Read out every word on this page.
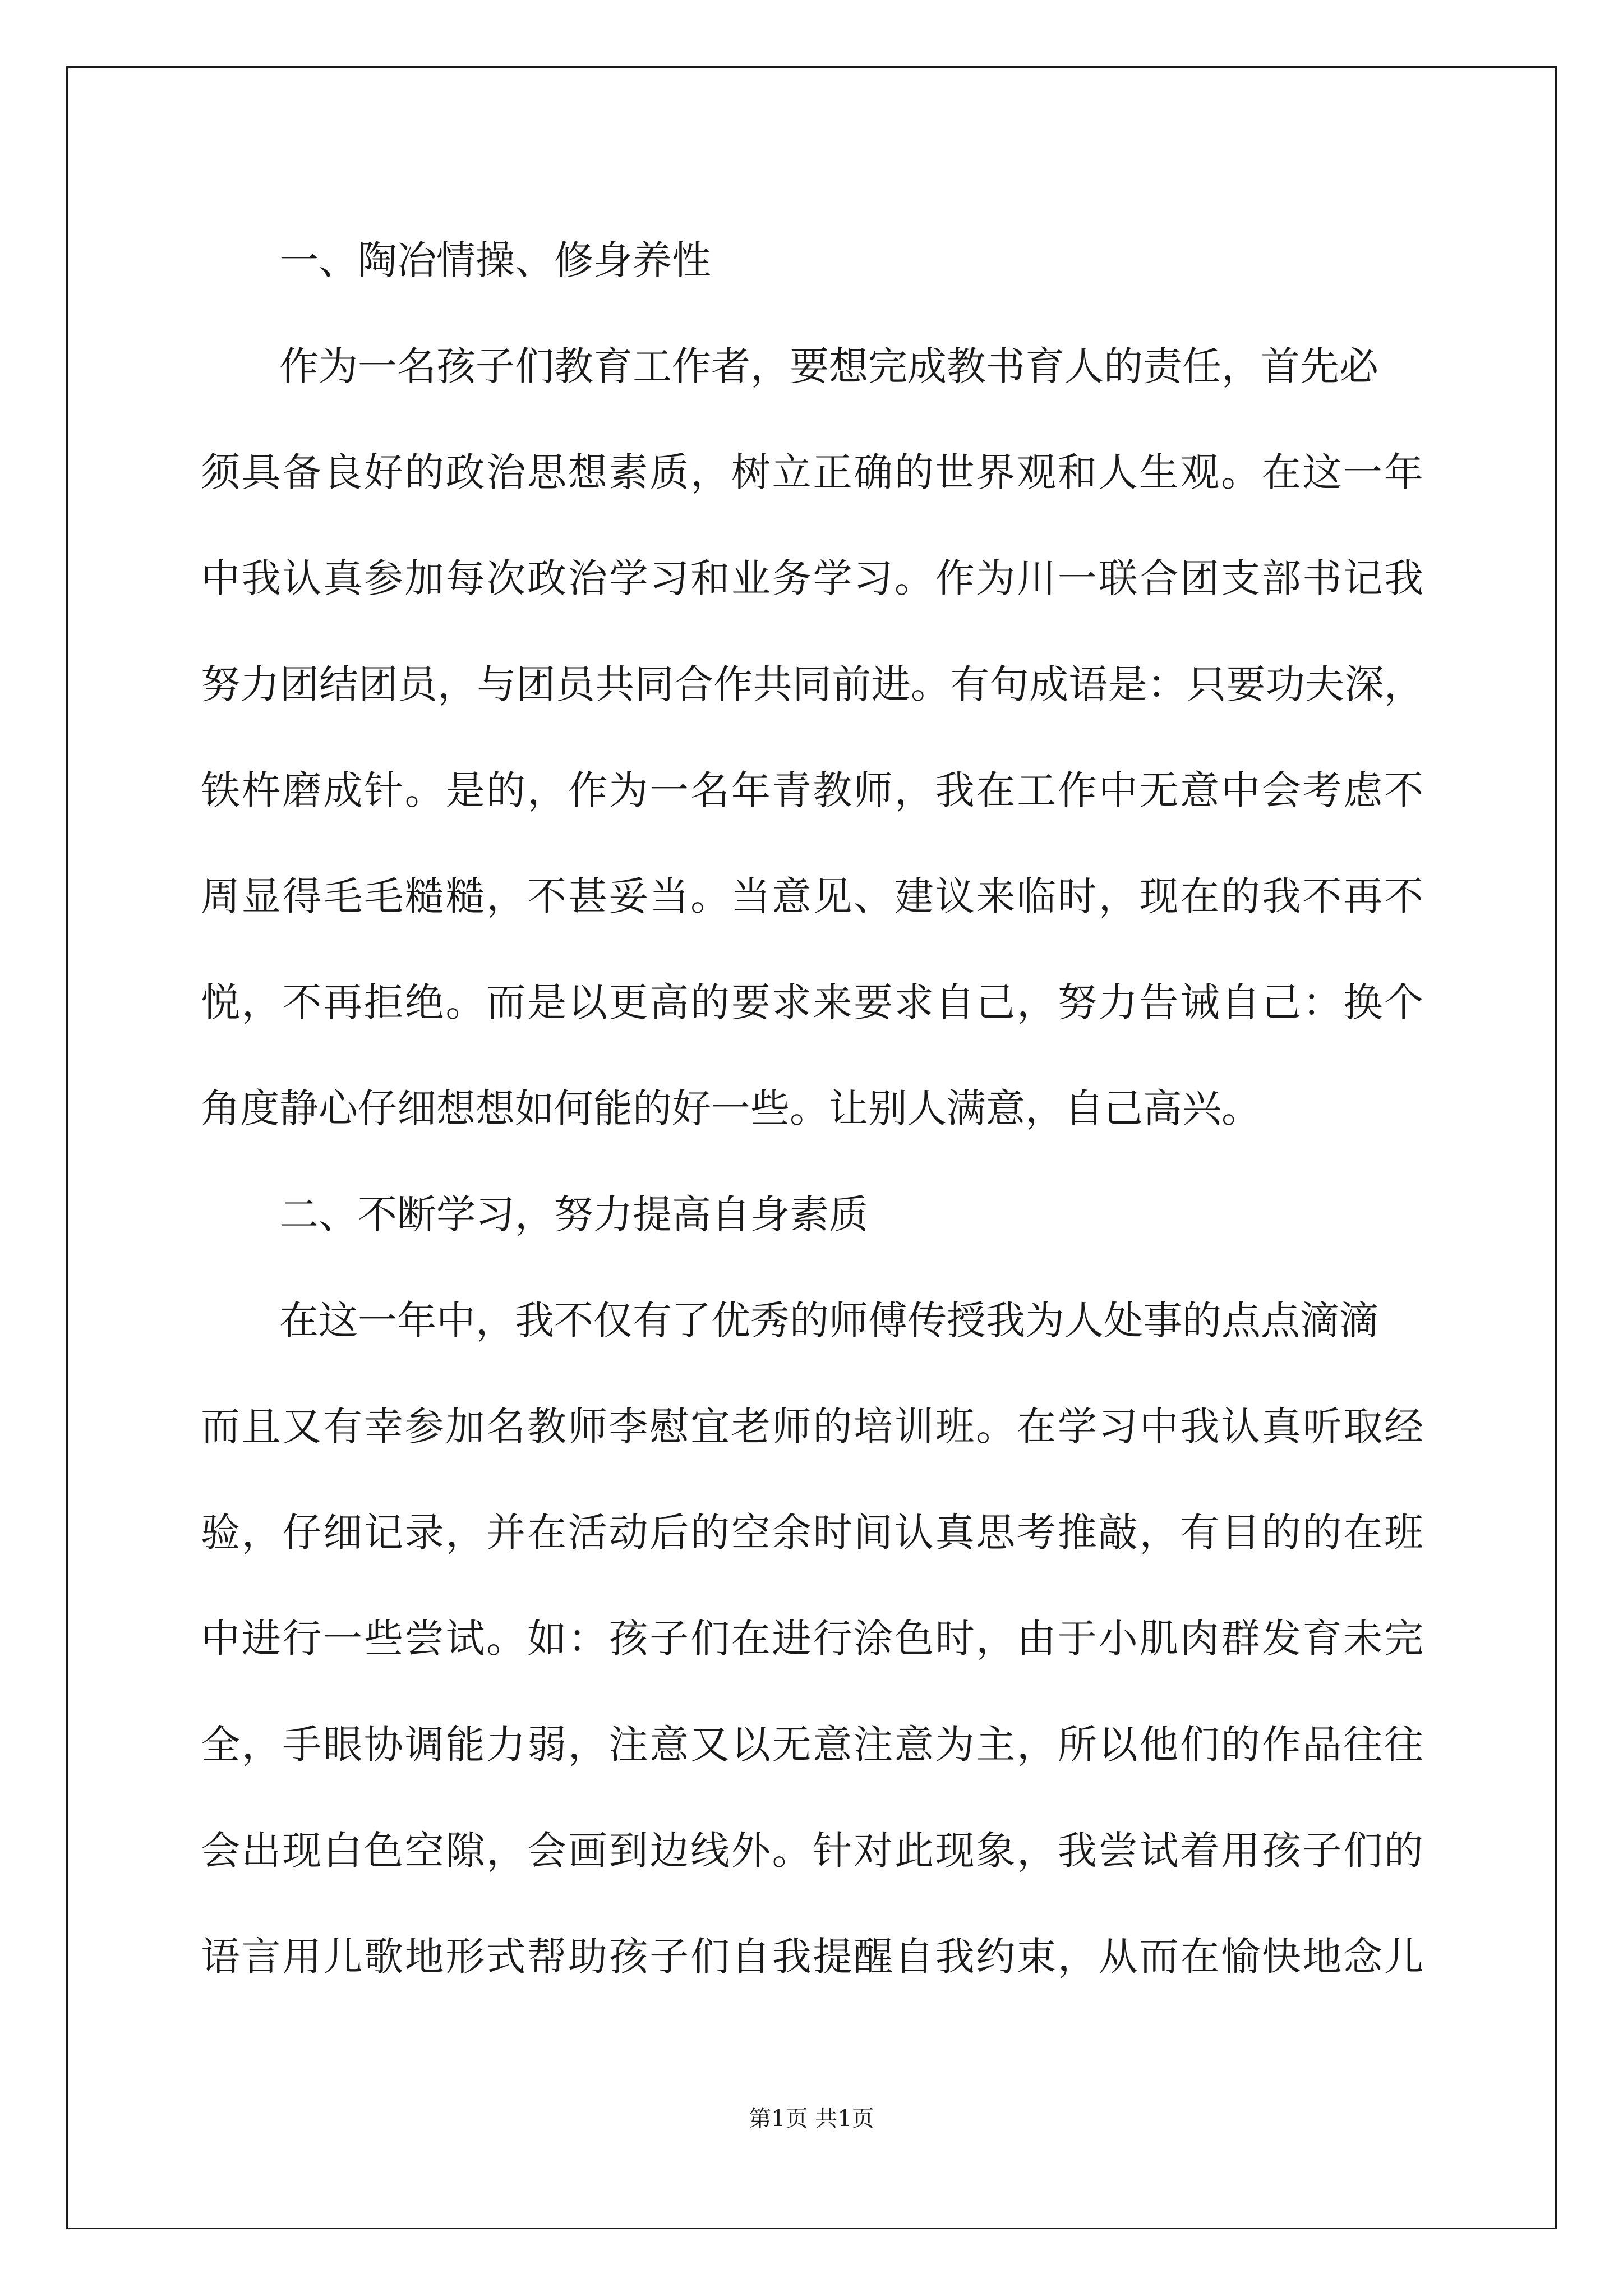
一、陶冶情操、修身养性
作为一名孩子们教育工作者，要想完成教书育人的责任，首先必
须具备良好的政治思想素质，树立正确的世界观和人生观。在这一年
中我认真参加每次政治学习和业务学习。作为川一联合团支部书记我
努力团结团员，与团员共同合作共同前进。有句成语是：只要功夫深，
铁杵磨成针。是的，作为一名年青教师，我在工作中无意中会考虑不
周显得毛毛糙糙，不甚妥当。当意见、建议来临时，现在的我不再不
悦，不再拒绝。而是以更高的要求来要求自己，努力告诫自己：换个
角度静心仔细想想如何能的好一些。让别人满意，自己高兴。
二、不断学习，努力提高自身素质
在这一年中，我不仅有了优秀的师傅传授我为人处事的点点滴滴
而且又有幸参加名教师李慰宜老师的培训班。在学习中我认真听取经
验，仔细记录，并在活动后的空余时间认真思考推敲，有目的的在班
中进行一些尝试。如：孩子们在进行涂色时，由于小肌肉群发育未完
全，手眼协调能力弱，注意又以无意注意为主，所以他们的作品往往
会出现白色空隙，会画到边线外。针对此现象，我尝试着用孩子们的
语言用儿歌地形式帮助孩子们自我提醒自我约束，从而在愉快地念儿
第1页 共1页
